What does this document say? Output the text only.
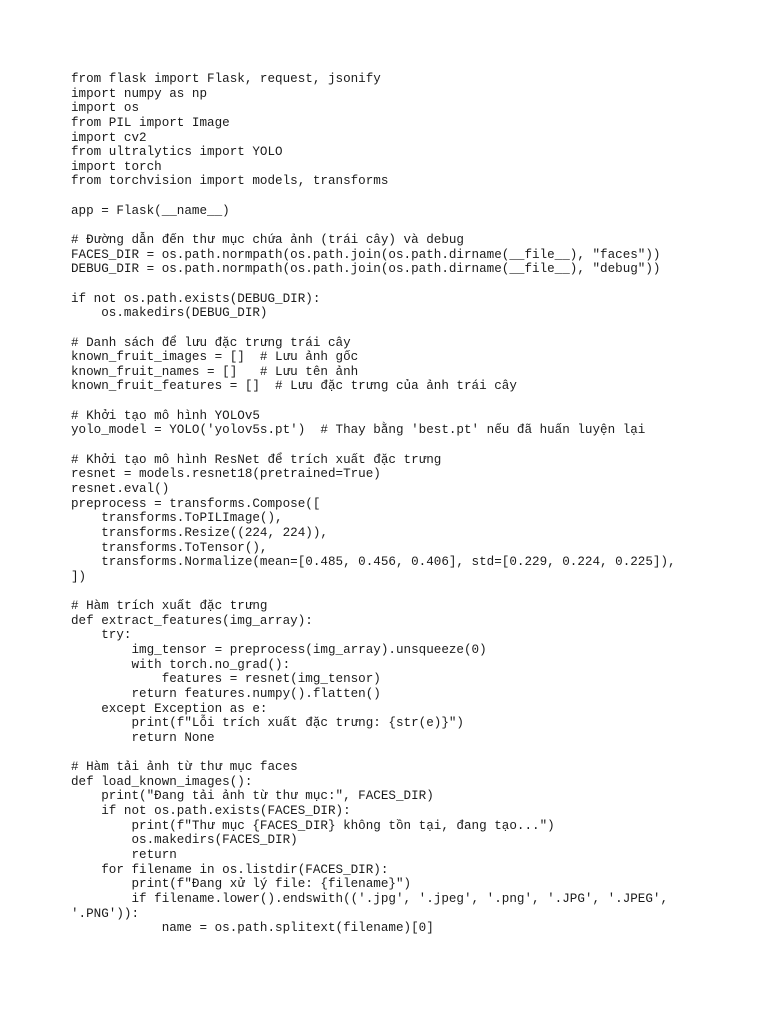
from flask import Flask, request, jsonify
import numpy as np
import os
from PIL import Image
import cv2
from ultralytics import YOLO
import torch
from torchvision import models, transforms
app = Flask(__name__)
# Đường dẫn đến thư mục chứa ảnh (trái cây) và debug
FACES_DIR = os.path.normpath(os.path.join(os.path.dirname(__file__), "faces"))
DEBUG_DIR = os.path.normpath(os.path.join(os.path.dirname(__file__), "debug"))
if not os.path.exists(DEBUG_DIR):
os.makedirs(DEBUG_DIR)
# Danh sách để lưu đặc trưng trái cây
known_fruit_images = []  # Lưu ảnh gốc
known_fruit_names = []   # Lưu tên ảnh
known_fruit_features = []  # Lưu đặc trưng của ảnh trái cây
# Khởi tạo mô hình YOLOv5
yolo_model = YOLO('yolov5s.pt')  # Thay bằng 'best.pt' nếu đã huấn luyện lại
# Khởi tạo mô hình ResNet để trích xuất đặc trưng
resnet = models.resnet18(pretrained=True)
resnet.eval()
preprocess = transforms.Compose([
transforms.ToPILImage(),
transforms.Resize((224, 224)),
transforms.ToTensor(),
transforms.Normalize(mean=[0.485, 0.456, 0.406], std=[0.229, 0.224, 0.225]),
])
# Hàm trích xuất đặc trưng
def extract_features(img_array):
try:
img_tensor = preprocess(img_array).unsqueeze(0)
with torch.no_grad():
features = resnet(img_tensor)
return features.numpy().flatten()
except Exception as e:
print(f"Lỗi trích xuất đặc trưng: {str(e)}")
return None
# Hàm tải ảnh từ thư mục faces
def load_known_images():
print("Đang tải ảnh từ thư mục:", FACES_DIR)
if not os.path.exists(FACES_DIR):
print(f"Thư mục {FACES_DIR} không tồn tại, đang tạo...")
os.makedirs(FACES_DIR)
return
for filename in os.listdir(FACES_DIR):
print(f"Đang xử lý file: {filename}")
if filename.lower().endswith(('.jpg', '.jpeg', '.png', '.JPG', '.JPEG',
'.PNG')):
name = os.path.splitext(filename)[0]
